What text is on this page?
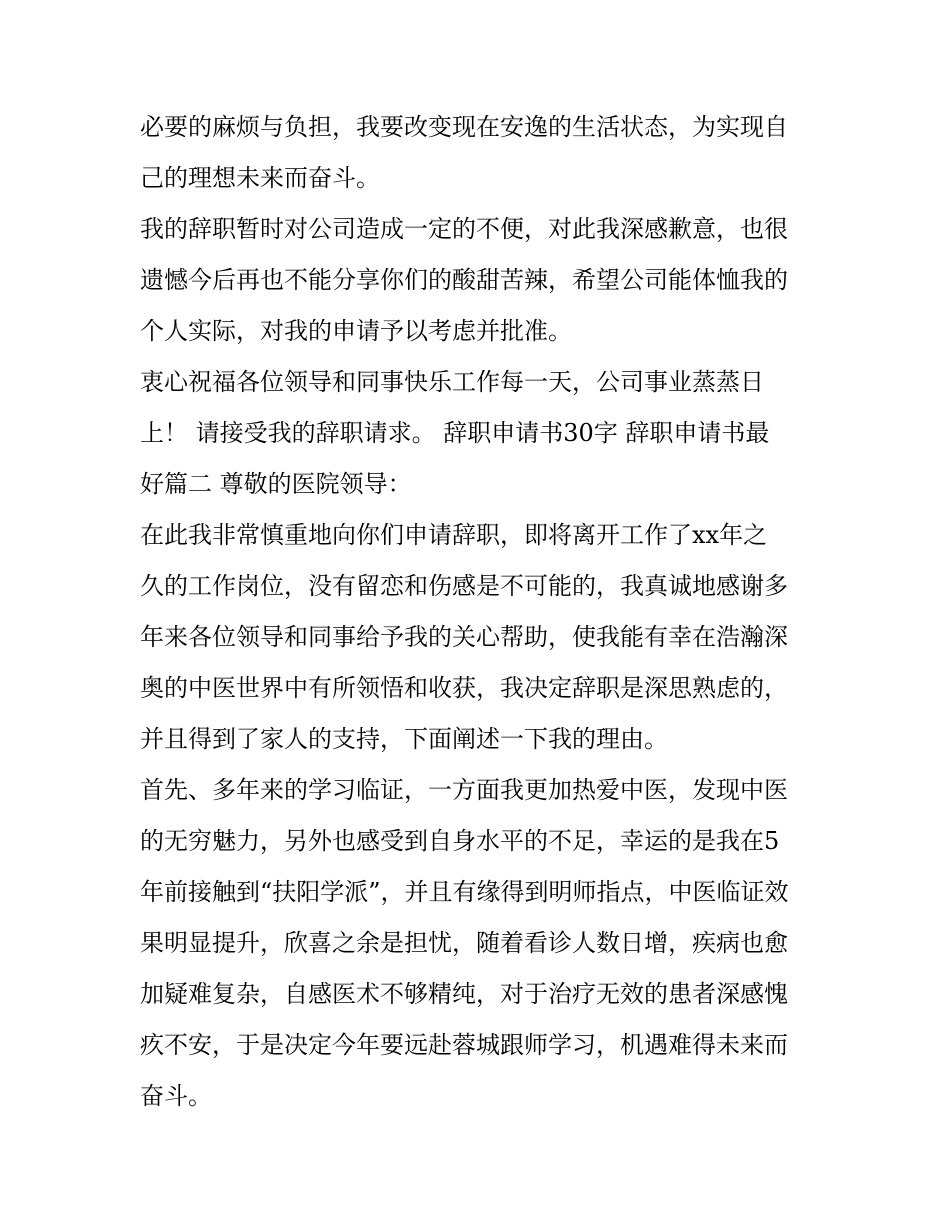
必要的麻烦与负担，我要改变现在安逸的生活状态，为实现自
己的理想未来而奋斗。
我的辞职暂时对公司造成一定的不便，对此我深感歉意，也很
遗憾今后再也不能分享你们的酸甜苦辣，希望公司能体恤我的
个人实际，对我的申请予以考虑并批准。
衷心祝福各位领导和同事快乐工作每一天，公司事业蒸蒸日
上！ 请接受我的辞职请求。 辞职申请书30字 辞职申请书最
好篇二 尊敬的医院领导：
在此我非常慎重地向你们申请辞职，即将离开工作了xx年之
久的工作岗位，没有留恋和伤感是不可能的，我真诚地感谢多
年来各位领导和同事给予我的关心帮助，使我能有幸在浩瀚深
奥的中医世界中有所领悟和收获，我决定辞职是深思熟虑的，
并且得到了家人的支持，下面阐述一下我的理由。
首先、多年来的学习临证，一方面我更加热爱中医，发现中医
的无穷魅力，另外也感受到自身水平的不足，幸运的是我在5
年前接触到“扶阳学派”，并且有缘得到明师指点，中医临证效
果明显提升，欣喜之余是担忧，随着看诊人数日增，疾病也愈
加疑难复杂，自感医术不够精纯，对于治疗无效的患者深感愧
疚不安，于是决定今年要远赴蓉城跟师学习，机遇难得未来而
奋斗。
